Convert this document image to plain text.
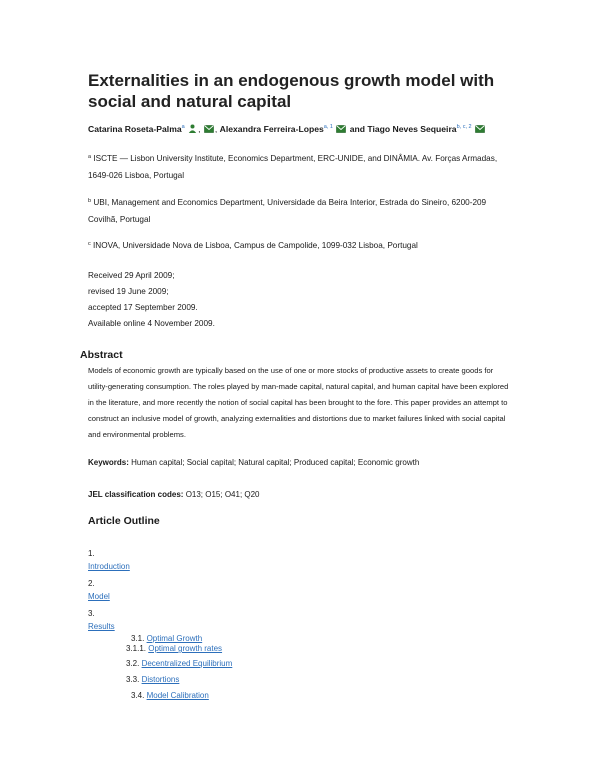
Externalities in an endogenous growth model with social and natural capital
Catarina Roseta-Palma$^a$ , , Alexandra Ferreira-Lopes$^{a, 1}$ and Tiago Neves Sequeira$^{b, c, 2}$
$^a$ ISCTE — Lisbon University Institute, Economics Department, ERC-UNIDE, and DINÂMIA. Av. Forças Armadas, 1649-026 Lisboa, Portugal
$^b$ UBI, Management and Economics Department, Universidade da Beira Interior, Estrada do Sineiro, 6200-209 Covilhã, Portugal
$^c$ INOVA, Universidade Nova de Lisboa, Campus de Campolide, 1099-032 Lisboa, Portugal
Received 29 April 2009;
revised 19 June 2009;
accepted 17 September 2009.
Available online 4 November 2009.
Abstract
Models of economic growth are typically based on the use of one or more stocks of productive assets to create goods for utility-generating consumption. The roles played by man-made capital, natural capital, and human capital have been explored in the literature, and more recently the notion of social capital has been brought to the fore. This paper provides an attempt to construct an inclusive model of growth, analyzing externalities and distortions due to market failures linked with social capital and environmental problems.
Keywords: Human capital; Social capital; Natural capital; Produced capital; Economic growth
JEL classification codes: O13; O15; O41; Q20
Article Outline
1.
Introduction
2.
Model
3.
Results
3.1. Optimal Growth
3.1.1. Optimal growth rates
3.2. Decentralized Equilibrium
3.3. Distortions
3.4. Model Calibration
